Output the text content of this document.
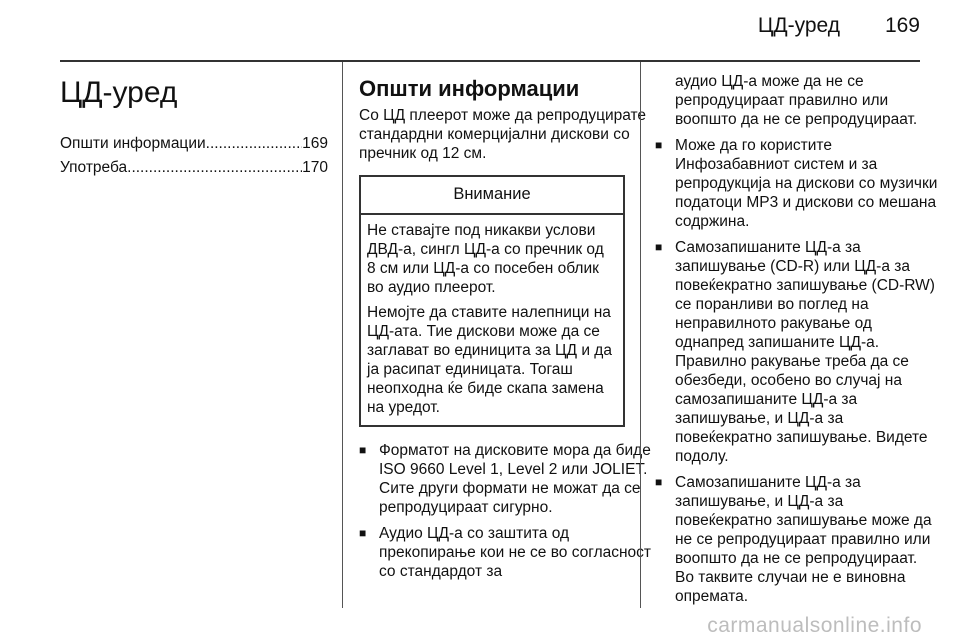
ЦД-уред 169
ЦД-уред
Општи информации .....	169
Употреба .....	170
Општи информации

Со ЦД плеерот може да репродуцирате стандардни комерцијални дискови со пречник од 12 см.

Внимание

Не ставајте под никакви услови ДВД-а, сингл ЦД-а со пречник од 8 см или ЦД-а со посебен облик во аудио плеерот.

Немојте да ставите налепници на ЦД-ата. Тие дискови може да се заглават во единицита за ЦД и да ја расипат единицата. Тогаш неопходна ќе биде скапа замена на уредот.

■ Форматот на дисковите мора да биде ISO 9660 Level 1, Level 2 или JOLIET. Сите други формати не можат да се репродуцираат сигурно.
■ Аудио ЦД-а со заштита од прекопирање кои не се во согласност со стандардот за

аудио ЦД-а може да не се репродуцираат правилно или воопшто да не се репродуцираат.

■ Може да го користите Инфозабавниот систем и за репродукција на дискови со музички податоци MP3 и дискови со мешана содржина.
■ Самозапишаните ЦД-а за запишување (CD-R) или ЦД-а за повеќекратно запишување (CD-RW) се поранливи во поглед на неправилното ракување од однапред запишаните ЦД-а. Правилно ракување треба да се обезбеди, особено во случај на самозапишаните ЦД-а за запишување, и ЦД-а за повеќекратно запишување. Видете подолу.
■ Самозапишаните ЦД-а за запишување, и ЦД-а за повеќекратно запишување може да не се репродуцираат правилно или воопшто да не се репродуцираат. Во таквите случаи не е виновна опремата.
carmanualsonline.info
